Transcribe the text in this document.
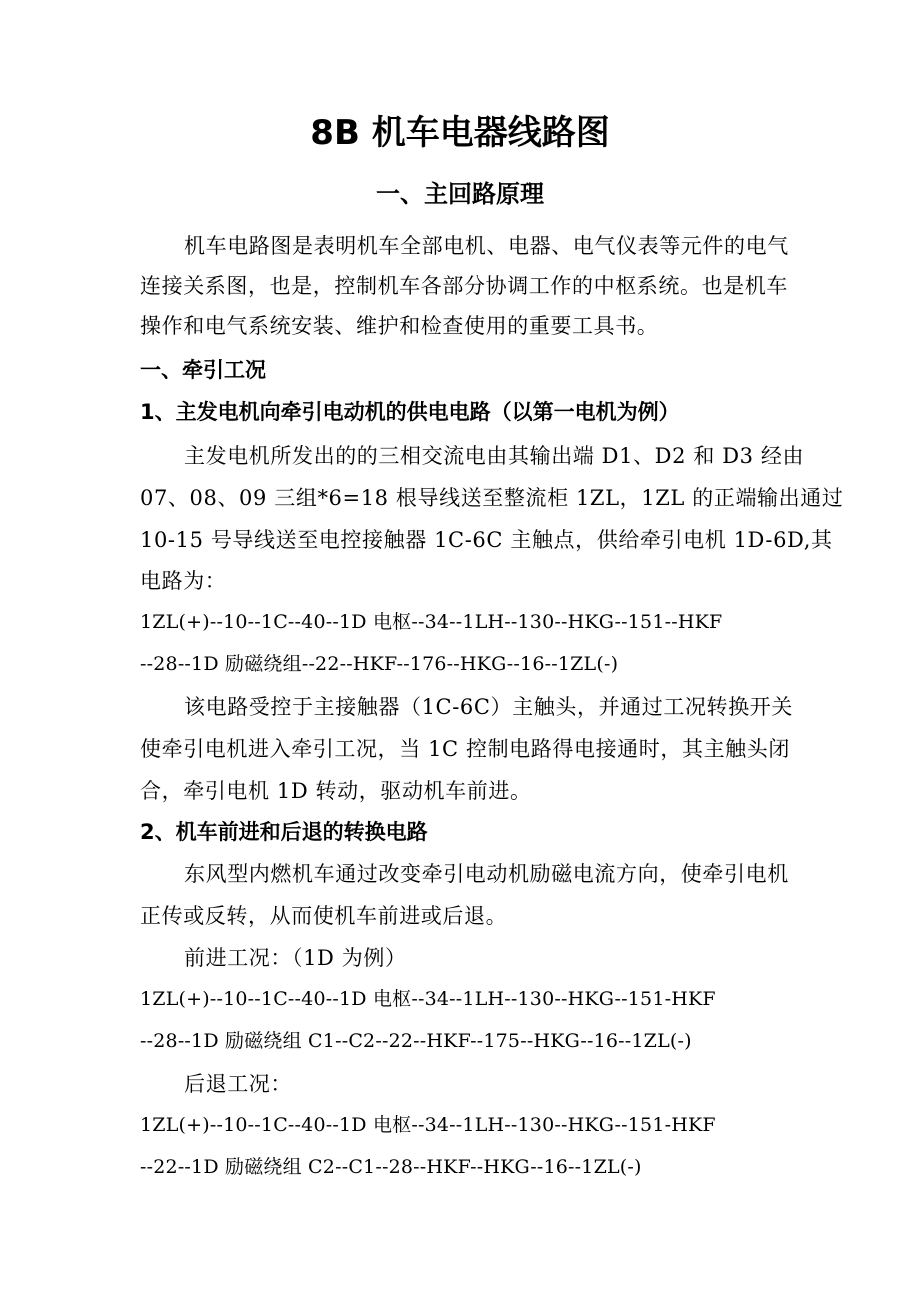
8B 机车电器线路图
一、主回路原理
机车电路图是表明机车全部电机、电器、电气仪表等元件的电气
连接关系图，也是，控制机车各部分协调工作的中枢系统。也是机车
操作和电气系统安装、维护和检查使用的重要工具书。
一、牵引工况
1、主发电机向牵引电动机的供电电路（以第一电机为例）
主发电机所发出的的三相交流电由其输出端 D1、D2 和 D3 经由
07、08、09 三组*6=18 根导线送至整流柜 1ZL，1ZL 的正端输出通过
10-15 号导线送至电控接触器 1C-6C 主触点，供给牵引电机 1D-6D,其
电路为：
1ZL(+)--10--1C--40--1D 电枢--34--1LH--130--HKG--151--HKF
--28--1D 励磁绕组--22--HKF--176--HKG--16--1ZL(-)
该电路受控于主接触器（1C-6C）主触头，并通过工况转换开关
使牵引电机进入牵引工况，当 1C 控制电路得电接通时，其主触头闭
合，牵引电机 1D 转动，驱动机车前进。
2、机车前进和后退的转换电路
东风型内燃机车通过改变牵引电动机励磁电流方向，使牵引电机
正传或反转，从而使机车前进或后退。
前进工况：（1D 为例）
1ZL(+)--10--1C--40--1D 电枢--34--1LH--130--HKG--151-HKF
--28--1D 励磁绕组 C1--C2--22--HKF--175--HKG--16--1ZL(-)
后退工况：
1ZL(+)--10--1C--40--1D 电枢--34--1LH--130--HKG--151-HKF
--22--1D 励磁绕组 C2--C1--28--HKF--HKG--16--1ZL(-)
